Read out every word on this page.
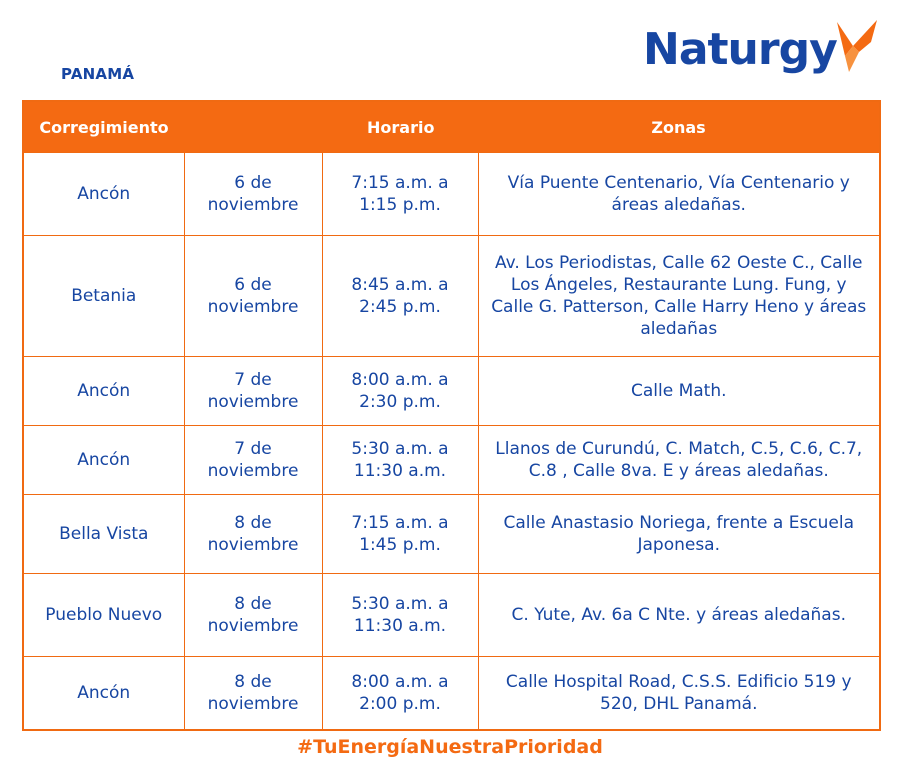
PANAMÁ	Naturgy
Corregimiento		Horario	Zonas
Ancón	6 de noviembre	7:15 a.m. a 1:15 p.m.	Vía Puente Centenario, Vía Centenario y áreas aledañas.
Betania	6 de noviembre	8:45 a.m. a 2:45 p.m.	Av. Los Periodistas, Calle 62 Oeste C., Calle Los Ángeles, Restaurante Lung. Fung, y Calle G. Patterson, Calle Harry Heno y áreas aledañas
Ancón	7 de noviembre	8:00 a.m. a 2:30 p.m.	Calle Math.
Ancón	7 de noviembre	5:30 a.m. a 11:30 a.m.	Llanos de Curundú, C. Match, C.5, C.6, C.7, C.8 , Calle 8va. E y áreas aledañas.
Bella Vista	8 de noviembre	7:15 a.m. a 1:45 p.m.	Calle Anastasio Noriega, frente a Escuela Japonesa.
Pueblo Nuevo	8 de noviembre	5:30 a.m. a 11:30 a.m.	C. Yute, Av. 6a C Nte. y áreas aledañas.
Ancón	8 de noviembre	8:00 a.m. a 2:00 p.m.	Calle Hospital Road, C.S.S. Edificio 519 y 520, DHL Panamá.
#TuEnergíaNuestraPrioridad
